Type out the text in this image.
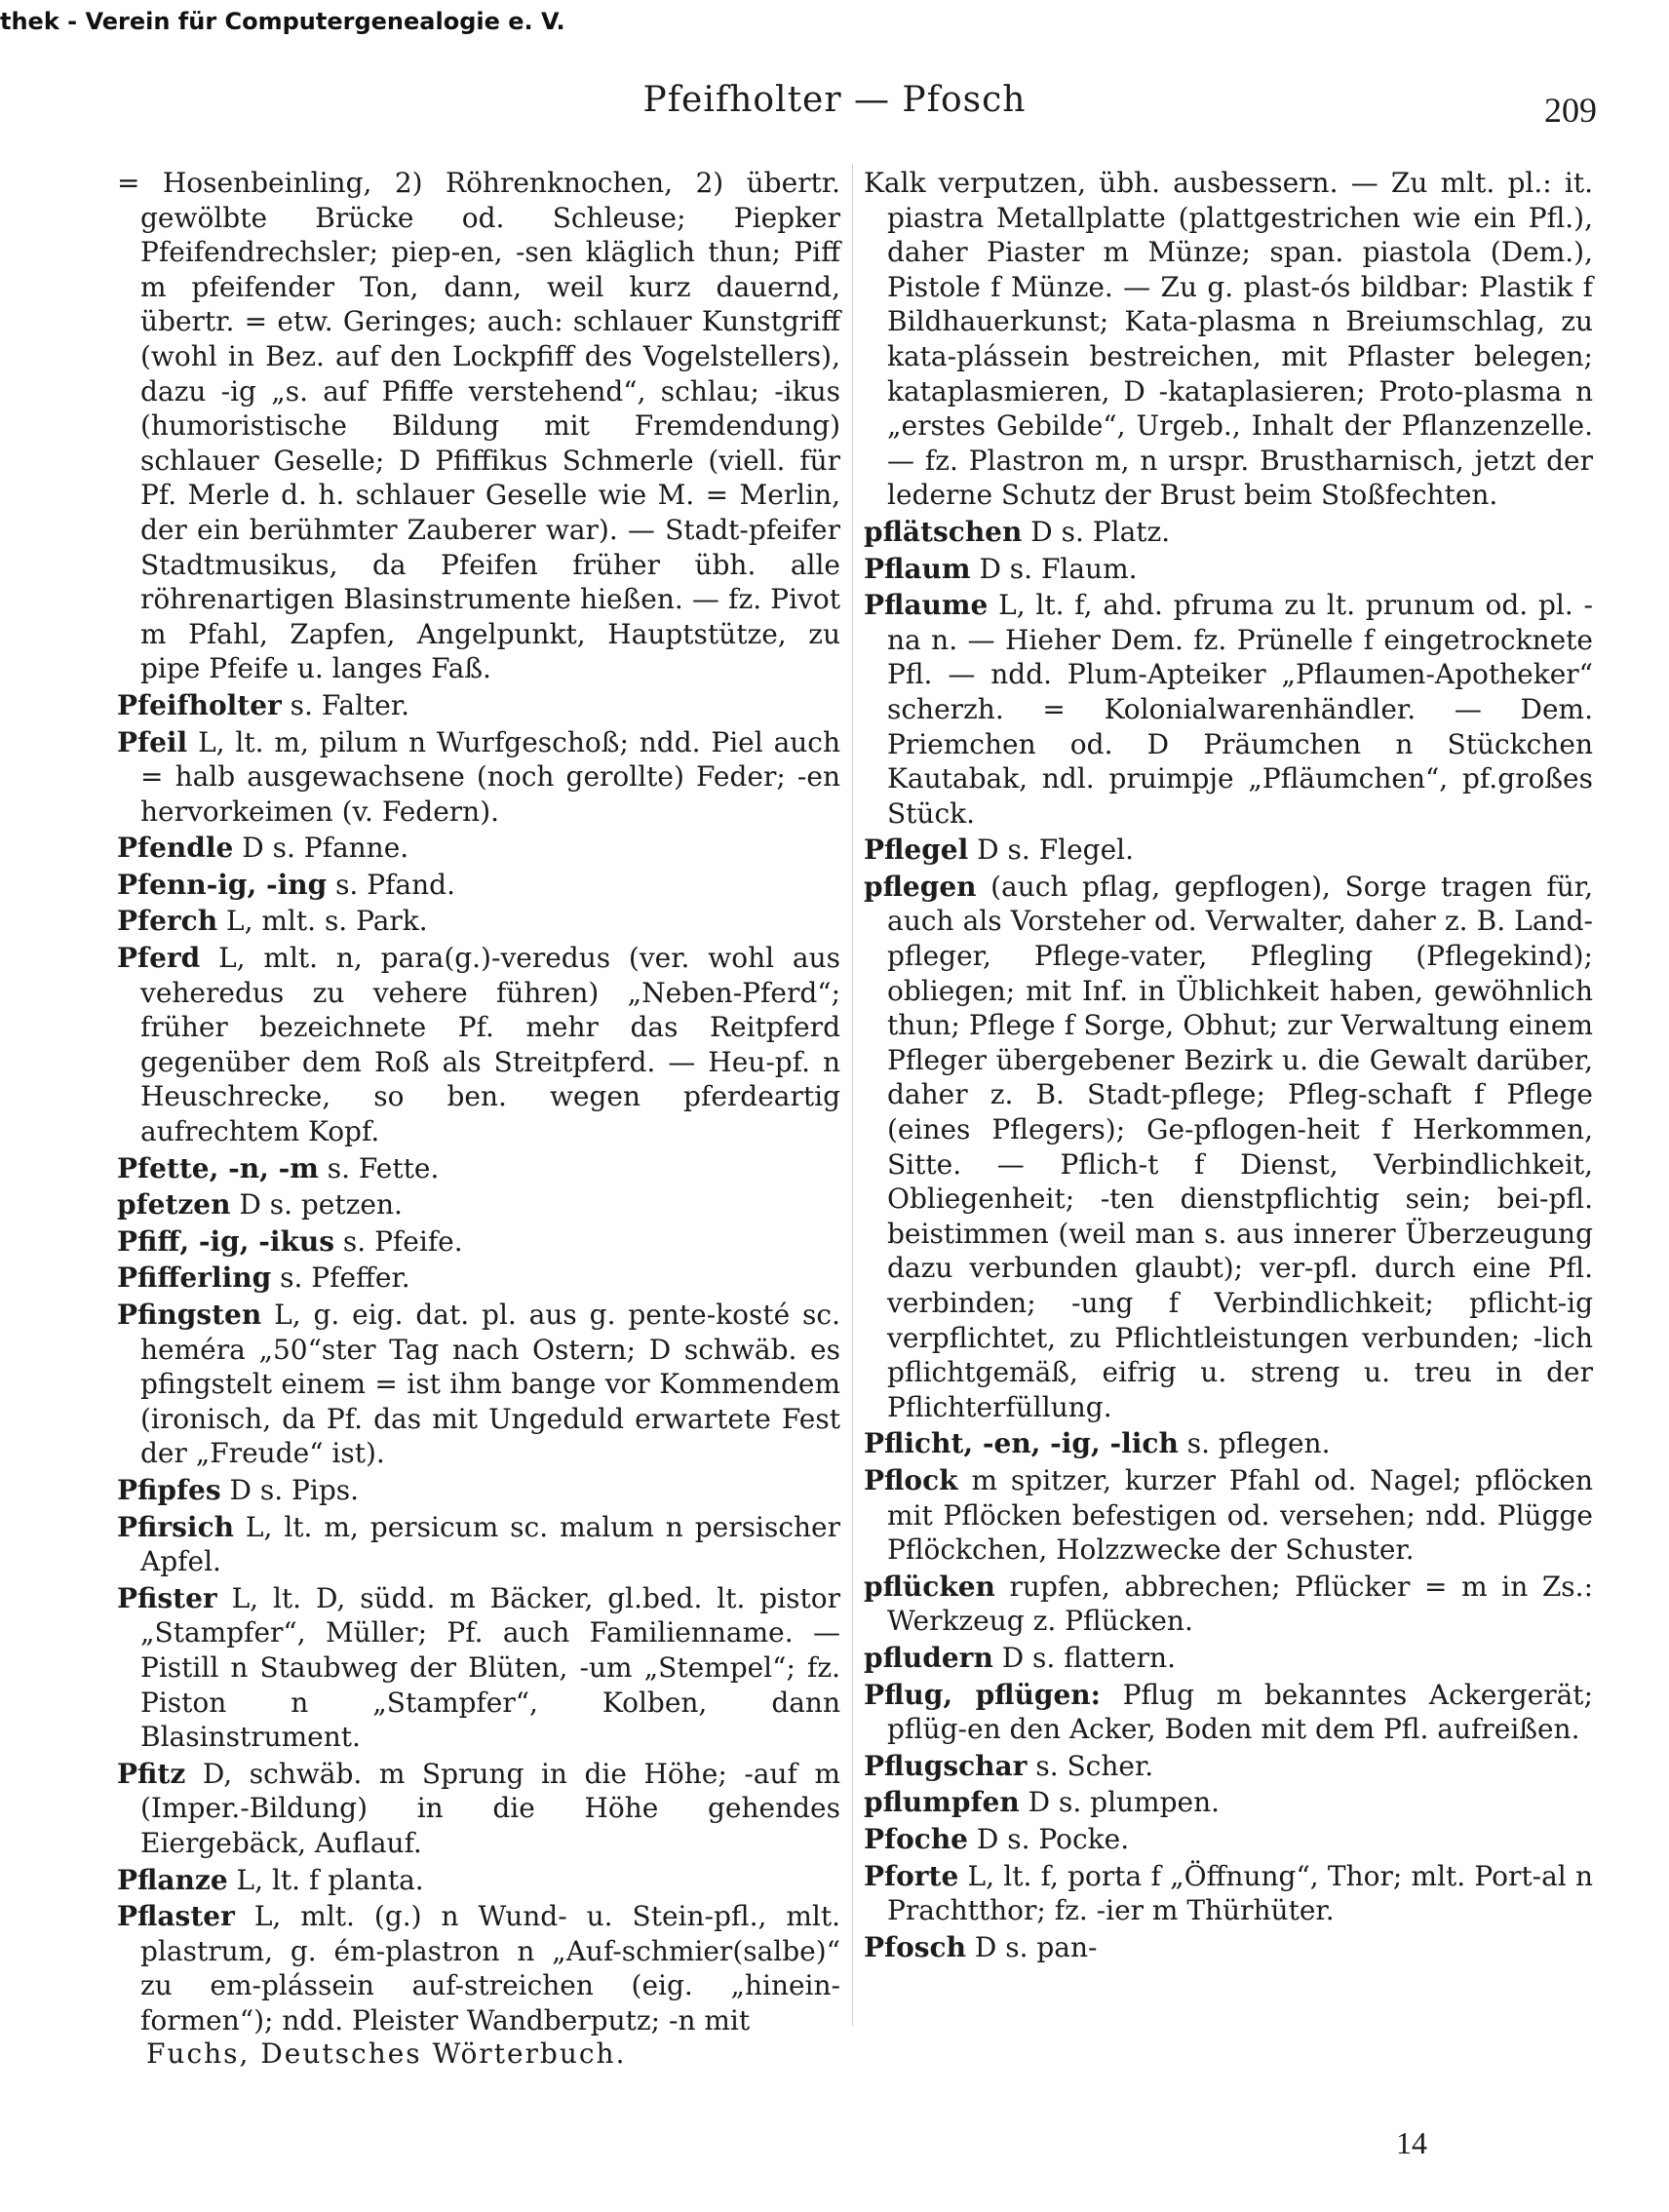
thek - Verein für Computergenealogie e. V.
Pfeifholter — Pfosch	209

= Hosenbeinling, 2) Röhrenknochen, 2) übertr. gewölbte Brücke od. Schleuse; Piepker Pfeifendrechsler; piep-en, -sen kläglich thun; Piff m pfeifender Ton, dann, weil kurz dauernd, übertr. = etw. Geringes; auch: schlauer Kunstgriff (wohl in Bez. auf den Lockpfiff des Vogelstellers), dazu -ig „s. auf Pfiffe verstehend“, schlau; -ikus (humoristische Bildung mit Fremdendung) schlauer Geselle; D Pfiffikus Schmerle (viell. für Pf. Merle d. h. schlauer Geselle wie M. = Merlin, der ein berühmter Zauberer war). — Stadt-pfeifer Stadtmusikus, da Pfeifen früher übh. alle röhrenartigen Blasinstrumente hießen. — fz. Pivot m Pfahl, Zapfen, Angelpunkt, Hauptstütze, zu pipe Pfeife u. langes Faß.

Pfeifholter s. Falter.

Pfeil L, lt. m, pilum n Wurfgeschoß; ndd. Piel auch = halb ausgewachsene (noch gerollte) Feder; -en hervorkeimen (v. Federn).

Pfendle D s. Pfanne.

Pfenn-ig, -ing s. Pfand.

Pferch L, mlt. s. Park.

Pferd L, mlt. n, para(g.)-veredus (ver. wohl aus veheredus zu vehere führen) „Neben-Pferd“; früher bezeichnete Pf. mehr das Reitpferd gegenüber dem Roß als Streitpferd. — Heu-pf. n Heuschrecke, so ben. wegen pferdeartig aufrechtem Kopf.

Pfette, -n, -m s. Fette.

pfetzen D s. petzen.

Pfiff, -ig, -ikus s. Pfeife.

Pfifferling s. Pfeffer.

Pfingsten L, g. eig. dat. pl. aus g. pente-kosté sc. heméra „50“ster Tag nach Ostern; D schwäb. es pfingstelt einem = ist ihm bange vor Kommendem (ironisch, da Pf. das mit Ungeduld erwartete Fest der „Freude“ ist).

Pfipfes D s. Pips.

Pfirsich L, lt. m, persicum sc. malum n persischer Apfel.

Pfister L, lt. D, südd. m Bäcker, gl.bed. lt. pistor „Stampfer“, Müller; Pf. auch Familienname. — Pistill n Staubweg der Blüten, -um „Stempel“; fz. Piston n „Stampfer“, Kolben, dann Blasinstrument.

Pfitz D, schwäb. m Sprung in die Höhe; -auf m (Imper.-Bildung) in die Höhe gehendes Eiergebäck, Auflauf.

Pflanze L, lt. f planta.

Pflaster L, mlt. (g.) n Wund- u. Stein-pfl., mlt. plastrum, g. ém-plastron n „Auf-schmier(salbe)“ zu em-plássein auf-streichen (eig. „hinein-formen“); ndd. Pleister Wandberputz; -n mit

Kalk verputzen, übh. ausbessern. — Zu mlt. pl.: it. piastra Metallplatte (plattgestrichen wie ein Pfl.), daher Piaster m Münze; span. piastola (Dem.), Pistole f Münze. — Zu g. plast-ós bildbar: Plastik f Bildhauerkunst; Kata-plasma n Breiumschlag, zu kata-plássein bestreichen, mit Pflaster belegen; kataplasmieren, D -kataplasieren; Proto-plasma n „erstes Gebilde“, Urgeb., Inhalt der Pflanzenzelle. — fz. Plastron m, n urspr. Brustharnisch, jetzt der lederne Schutz der Brust beim Stoßfechten.

pflätschen D s. Platz.

Pflaum D s. Flaum.

Pflaume L, lt. f, ahd. pfruma zu lt. prunum od. pl. -na n. — Hieher Dem. fz. Prünelle f eingetrocknete Pfl. — ndd. Plum-Apteiker „Pflaumen-Apotheker“ scherzh. = Kolonialwarenhändler. — Dem. Priemchen od. D Präumchen n Stückchen Kautabak, ndl. pruimpje „Pfläumchen“, pf.großes Stück.

Pflegel D s. Flegel.

pflegen (auch pflag, gepflogen), Sorge tragen für, auch als Vorsteher od. Verwalter, daher z. B. Land-pfleger, Pflege-vater, Pflegling (Pflegekind); obliegen; mit Inf. in Üblichkeit haben, gewöhnlich thun; Pflege f Sorge, Obhut; zur Verwaltung einem Pfleger übergebener Bezirk u. die Gewalt darüber, daher z. B. Stadt-pflege; Pfleg-schaft f Pflege (eines Pflegers); Ge-pflogen-heit f Herkommen, Sitte. — Pflich-t f Dienst, Verbindlichkeit, Obliegenheit; -ten dienstpflichtig sein; bei-pfl. beistimmen (weil man s. aus innerer Überzeugung dazu verbunden glaubt); ver-pfl. durch eine Pfl. verbinden; -ung f Verbindlichkeit; pflicht-ig verpflichtet, zu Pflichtleistungen verbunden; -lich pflichtgemäß, eifrig u. streng u. treu in der Pflichterfüllung.

Pflicht, -en, -ig, -lich s. pflegen.

Pflock m spitzer, kurzer Pfahl od. Nagel; pflöcken mit Pflöcken befestigen od. versehen; ndd. Plügge Pflöckchen, Holzzwecke der Schuster.

pflücken rupfen, abbrechen; Pflücker = m in Zs.: Werkzeug z. Pflücken.

pfludern D s. flattern.

Pflug, pflügen: Pflug m bekanntes Ackergerät; pflüg-en den Acker, Boden mit dem Pfl. aufreißen.

Pflugschar s. Scher.

pflumpfen D s. plumpen.

Pfoche D s. Pocke.

Pforte L, lt. f, porta f „Öffnung“, Thor; mlt. Port-al n Prachtthor; fz. -ier m Thürhüter.

Pfosch D s. pan-

Fuchs, Deutsches Wörterbuch.
14
